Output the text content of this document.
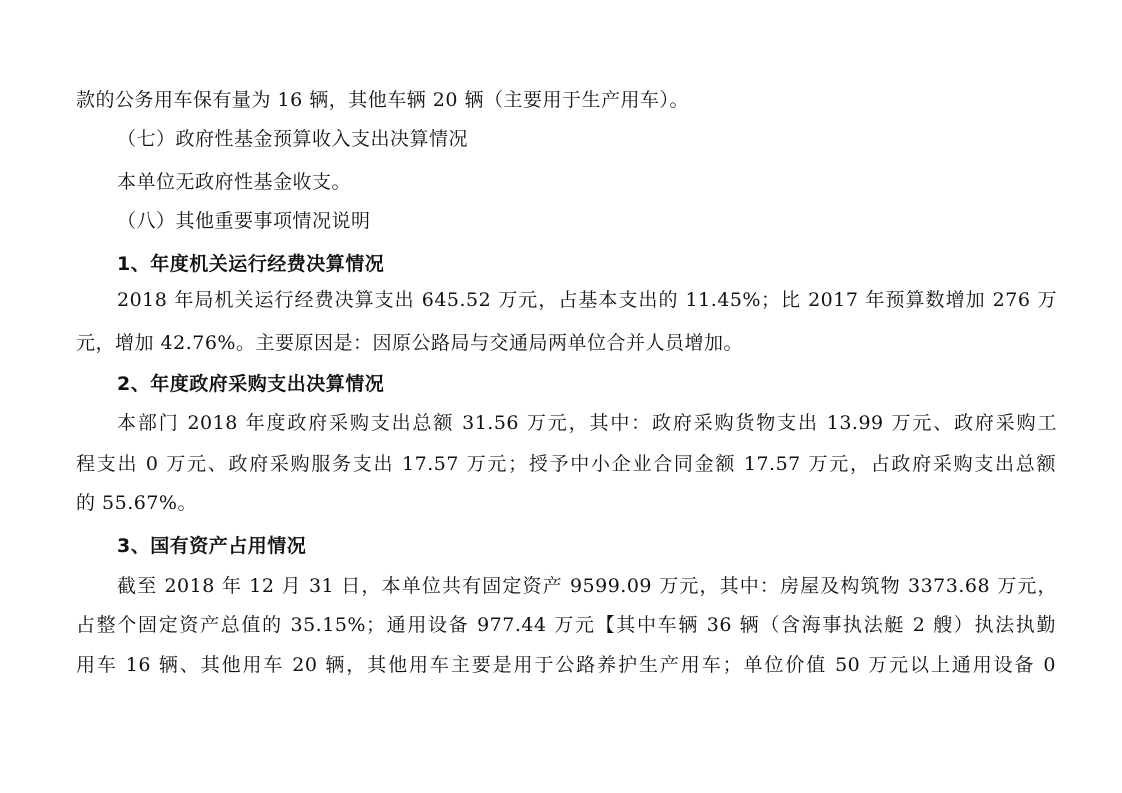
款的公务用车保有量为 16 辆，其他车辆 20 辆（主要用于生产用车）。
（七）政府性基金预算收入支出决算情况
本单位无政府性基金收支。
（八）其他重要事项情况说明
1、年度机关运行经费决算情况
2018 年局机关运行经费决算支出 645.52 万元，占基本支出的 11.45%；比 2017 年预算数增加 276 万
元，增加 42.76%。主要原因是：因原公路局与交通局两单位合并人员增加。
2、年度政府采购支出决算情况
本部门 2018 年度政府采购支出总额 31.56 万元，其中：政府采购货物支出 13.99 万元、政府采购工
程支出 0 万元、政府采购服务支出 17.57 万元；授予中小企业合同金额 17.57 万元，占政府采购支出总额
的 55.67%。
3、国有资产占用情况
截至 2018 年 12 月 31 日，本单位共有固定资产 9599.09 万元，其中：房屋及构筑物 3373.68 万元，
占整个固定资产总值的 35.15%；通用设备 977.44 万元【其中车辆 36 辆（含海事执法艇 2 艘）执法执勤
用车 16 辆、其他用车 20 辆，其他用车主要是用于公路养护生产用车；单位价值 50 万元以上通用设备 0
